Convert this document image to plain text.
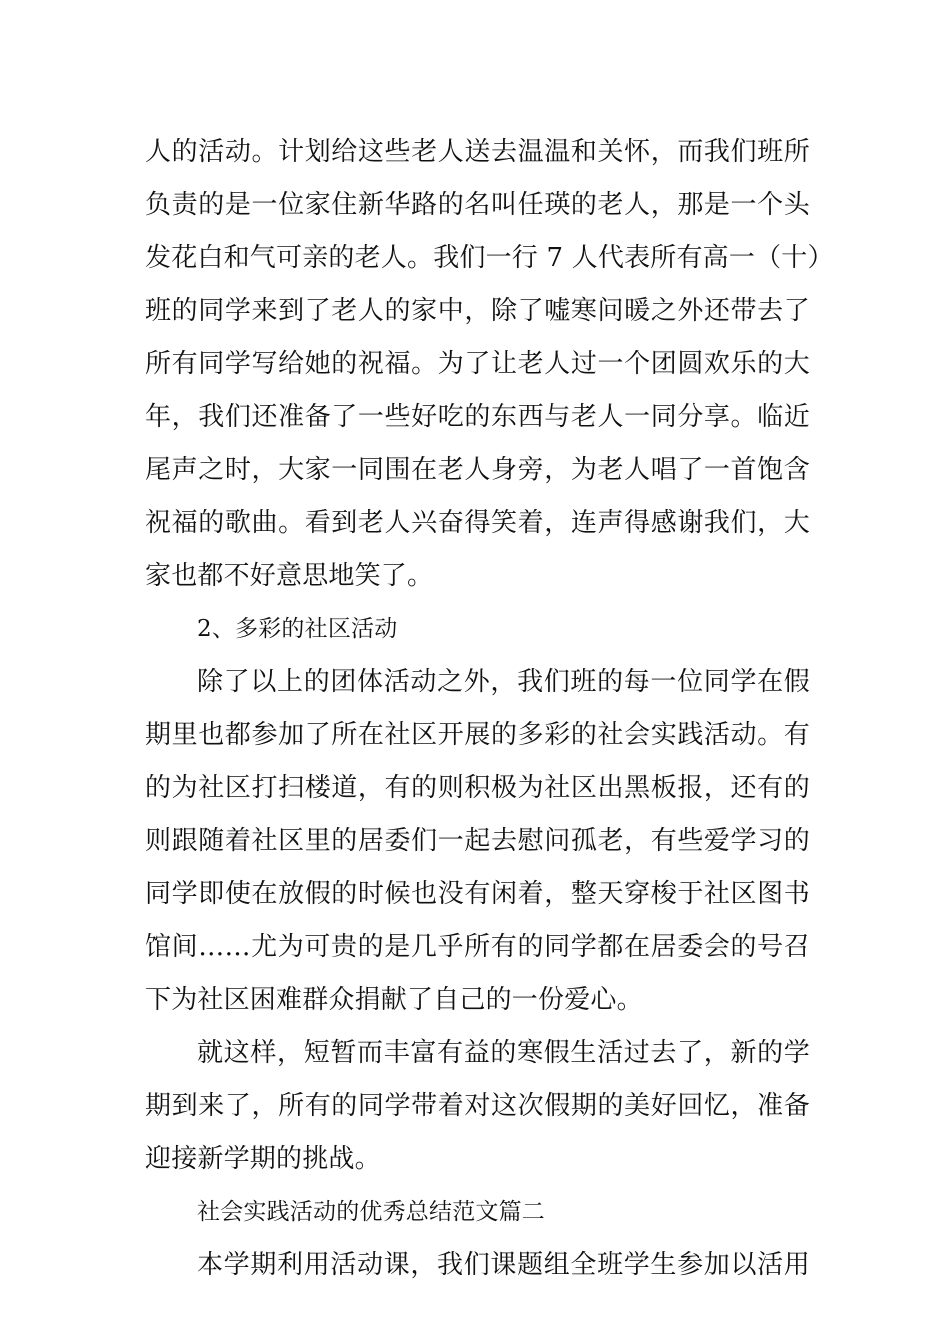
人的活动。计划给这些老人送去温温和关怀，而我们班所
负责的是一位家住新华路的名叫任瑛的老人，那是一个头
发花白和气可亲的老人。我们一行 7 人代表所有高一（十）
班的同学来到了老人的家中，除了嘘寒问暖之外还带去了
所有同学写给她的祝福。为了让老人过一个团圆欢乐的大
年，我们还准备了一些好吃的东西与老人一同分享。临近
尾声之时，大家一同围在老人身旁，为老人唱了一首饱含
祝福的歌曲。看到老人兴奋得笑着，连声得感谢我们，大
家也都不好意思地笑了。
2、多彩的社区活动
除了以上的团体活动之外，我们班的每一位同学在假
期里也都参加了所在社区开展的多彩的社会实践活动。有
的为社区打扫楼道，有的则积极为社区出黑板报，还有的
则跟随着社区里的居委们一起去慰问孤老，有些爱学习的
同学即使在放假的时候也没有闲着，整天穿梭于社区图书
馆间……尤为可贵的是几乎所有的同学都在居委会的号召
下为社区困难群众捐献了自己的一份爱心。
就这样，短暂而丰富有益的寒假生活过去了，新的学
期到来了，所有的同学带着对这次假期的美好回忆，准备
迎接新学期的挑战。
社会实践活动的优秀总结范文篇二
本学期利用活动课，我们课题组全班学生参加以活用
